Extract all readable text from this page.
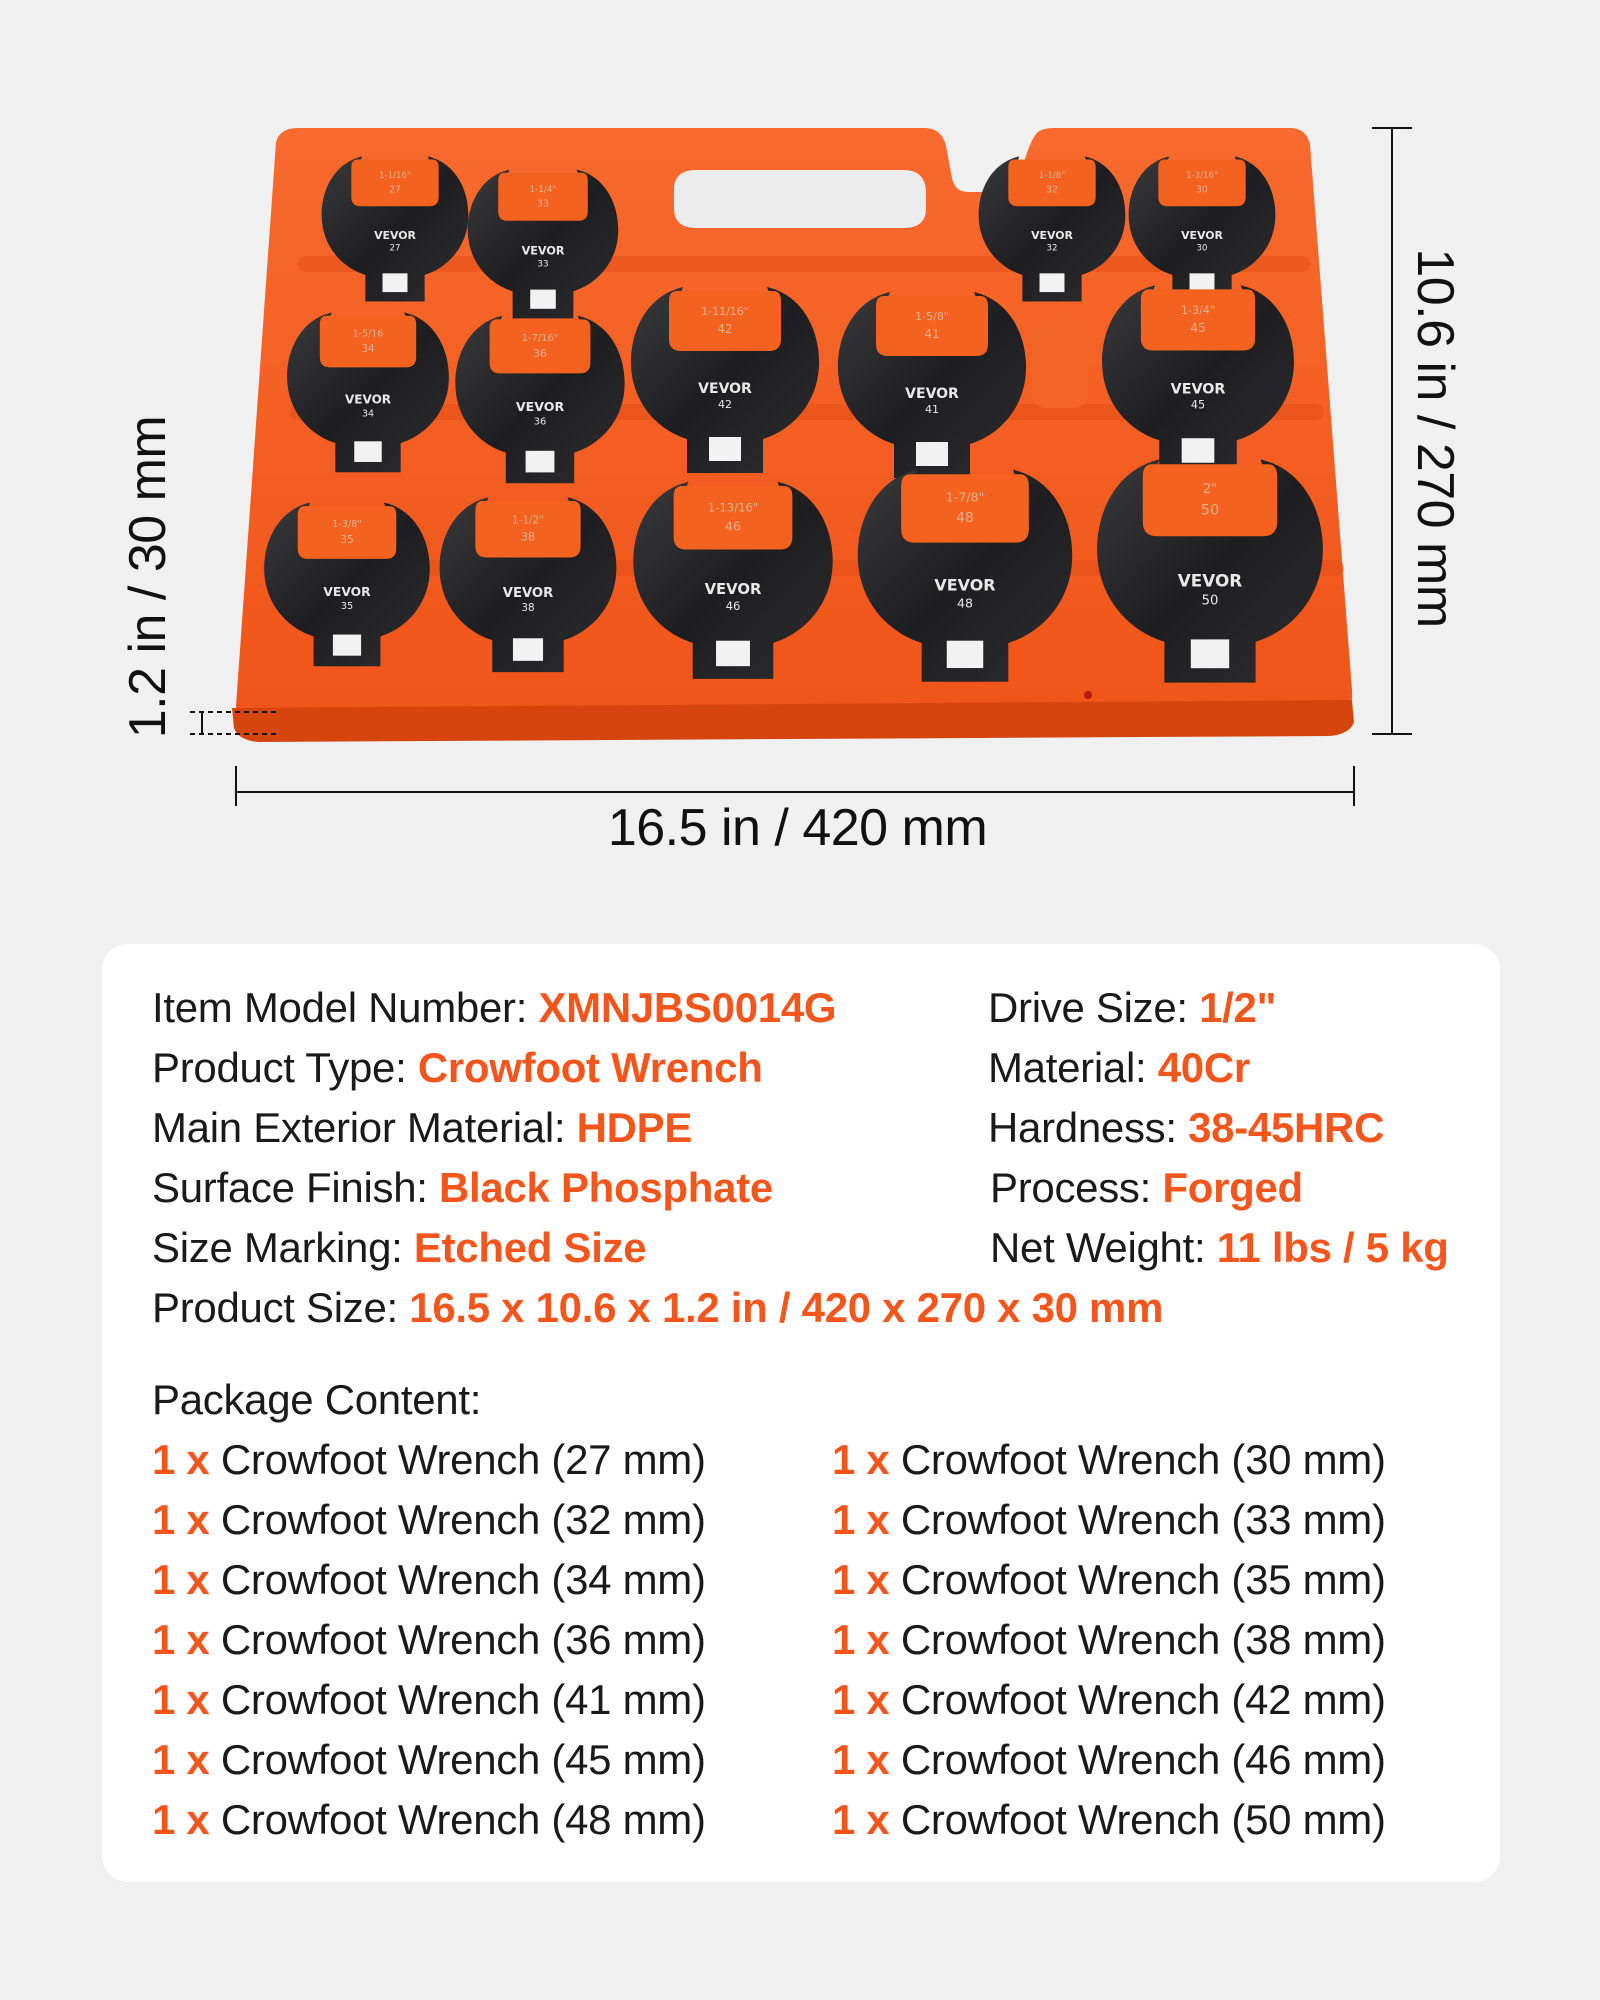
1-1/16"
27
VEVOR
27
1-1/4"
33
VEVOR
33
1-1/8"
32
VEVOR
32
1-3/16"
30
VEVOR
30
1-5/16
34
VEVOR
34
1-7/16"
36
VEVOR
36
1-11/16"
42
VEVOR
42
1-5/8"
41
VEVOR
41
1-3/4"
45
VEVOR
45
1-3/8"
35
VEVOR
35
1-1/2"
38
VEVOR
38
1-13/16"
46
VEVOR
46
1-7/8"
48
VEVOR
48
2"
50
VEVOR
50
16.5 in / 420 mm
10.6 in / 270 mm
1.2 in / 30 mm
Item Model Number: XMNJBS0014G	Drive Size: 1/2"
Product Type: Crowfoot Wrench	Material: 40Cr
Main Exterior Material: HDPE	Hardness: 38-45HRC
Surface Finish: Black Phosphate	Process: Forged
Size Marking: Etched Size	Net Weight: 11 lbs / 5 kg
Product Size: 16.5 x 10.6 x 1.2 in / 420 x 270 x 30 mm
Package Content:
1 x Crowfoot Wrench (27 mm)	1 x Crowfoot Wrench (30 mm)
1 x Crowfoot Wrench (32 mm)	1 x Crowfoot Wrench (33 mm)
1 x Crowfoot Wrench (34 mm)	1 x Crowfoot Wrench (35 mm)
1 x Crowfoot Wrench (36 mm)	1 x Crowfoot Wrench (38 mm)
1 x Crowfoot Wrench (41 mm)	1 x Crowfoot Wrench (42 mm)
1 x Crowfoot Wrench (45 mm)	1 x Crowfoot Wrench (46 mm)
1 x Crowfoot Wrench (48 mm)	1 x Crowfoot Wrench (50 mm)
